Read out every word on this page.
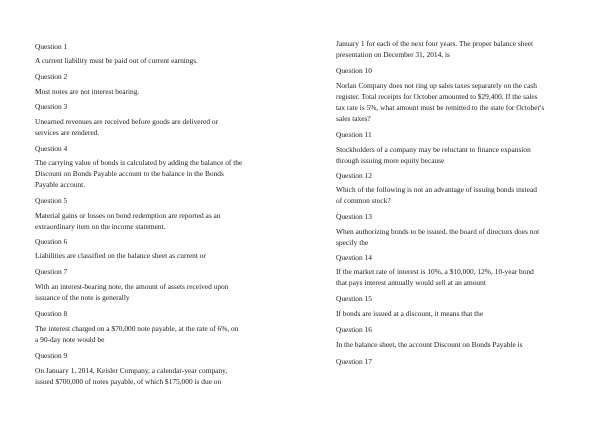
Question 1
A current liability must be paid out of current earnings.
Question 2
Most notes are not interest bearing.
Question 3
Unearned revenues are received before goods are delivered or
services are rendered.
Question 4
The carrying value of bonds is calculated by adding the balance of the
Discount on Bonds Payable account to the balance in the Bonds
Payable account.
Question 5
Material gains or losses on bond redemption are reported as an
extraordinary item on the income statement.
Question 6
Liabilities are classified on the balance sheet as current or
Question 7
With an interest-bearing note, the amount of assets received upon
issuance of the note is generally
Question 8
The interest charged on a $70,000 note payable, at the rate of 6%, on
a 90-day note would be
Question 9
On January 1, 2014, Keisler Company, a calendar-year company,
issued $700,000 of notes payable, of which $175,000 is due on
January 1 for each of the next four years. The proper balance sheet
presentation on December 31, 2014, is
Question 10
Norlan Company does not ring up sales taxes separately on the cash
register. Total receipts for October amounted to $29,400. If the sales
tax rate is 5%, what amount must be remitted to the state for October's
sales taxes?
Question 11
Stockholders of a company may be reluctant to finance expansion
through issuing more equity because
Question 12
Which of the following is not an advantage of issuing bonds instead
of common stock?
Question 13
When authorizing bonds to be issued, the board of directors does not
specify the
Question 14
If the market rate of interest is 10%, a $10,000, 12%, 10-year bond
that pays interest annually would sell at an amount
Question 15
If bonds are issued at a discount, it means that the
Question 16
In the balance sheet, the account Discount on Bonds Payable is
Question 17
